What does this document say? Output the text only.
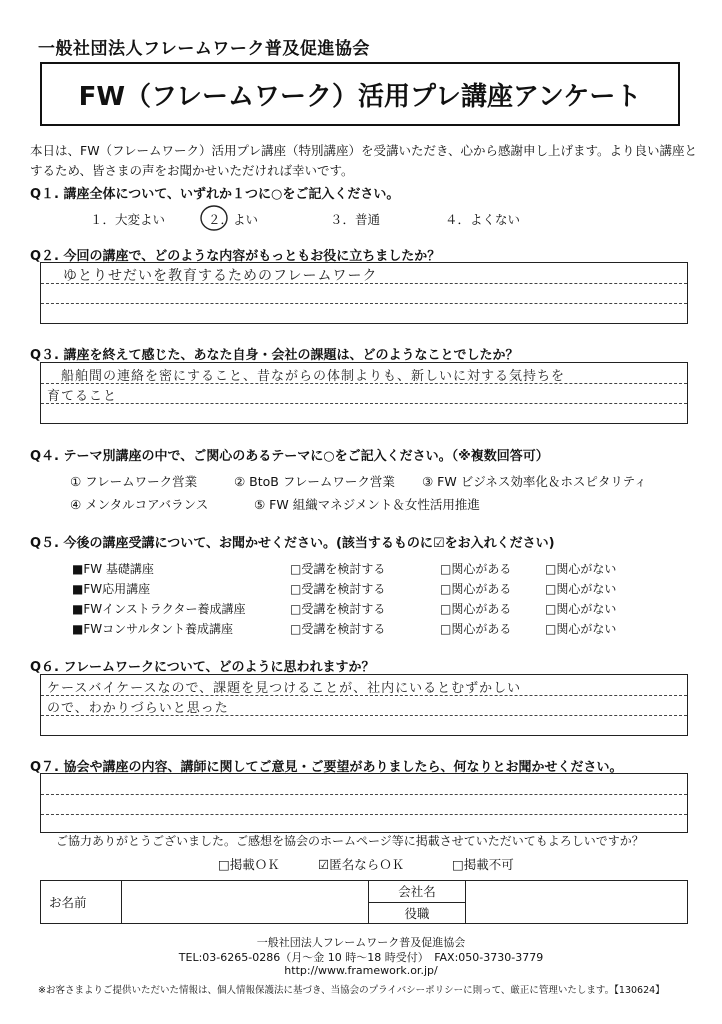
一般社団法人フレームワーク普及促進協会
FW（フレームワーク）活用プレ講座アンケート
本日は、FW（フレームワーク）活用プレ講座（特別講座）を受講いただき、心から感謝申し上げます。より良い講座とするため、皆さまの声をお聞かせいただければ幸いです。
Q１. 講座全体について、いずれか１つに○をご記入ください。
１．大変よい	２．よい	３．普通	４．よくない
Q２. 今回の講座で、どのような内容がもっともお役に立ちましたか？
ゆとりせだいを教育するためのフレームワーク
Q３. 講座を終えて感じた、あなた自身・会社の課題は、どのようなことでしたか？
　船舶間の連絡を密にすること、昔ながらの体制よりも、新しいに対する気持ちを
育てること
Q４. テーマ別講座の中で、ご関心のあるテーマに○をご記入ください。（※複数回答可）
① フレームワーク営業	② BtoB フレームワーク営業 ③ FW ビジネス効率化＆ホスピタリティ
④ メンタルコアバランス	⑤ FW 組織マネジメント＆女性活用推進
Q５. 今後の講座受講について、お聞かせください。(該当するものに☑をお入れください)
■FW 基礎講座	□受講を検討する	□関心がある	□関心がない
■FW応用講座	□受講を検討する	□関心がある	□関心がない
■FWインストラクター養成講座	□受講を検討する	□関心がある	□関心がない
■FWコンサルタント養成講座	□受講を検討する	□関心がある	□関心がない
Q６. フレームワークについて、どのように思われますか？
ケースバイケースなので、課題を見つけることが、社内にいるとむずかしい
ので、わかりづらいと思った
Q７. 協会や講座の内容、講師に関してご意見・ご要望がありましたら、何なりとお聞かせください。
ご協力ありがとうございました。ご感想を協会のホームページ等に掲載させていただいてもよろしいですか？
□掲載ＯＫ	☑匿名ならＯＫ	□掲載不可
お名前		会社名	
役職
一般社団法人フレームワーク普及促進協会
TEL:03-6265-0286（月～金 10 時～18 時受付）　FAX:050-3730-3779
http://www.framework.or.jp/
※お客さまよりご提供いただいた情報は、個人情報保護法に基づき、当協会のプライバシーポリシーに則って、厳正に管理いたします。【130624】
